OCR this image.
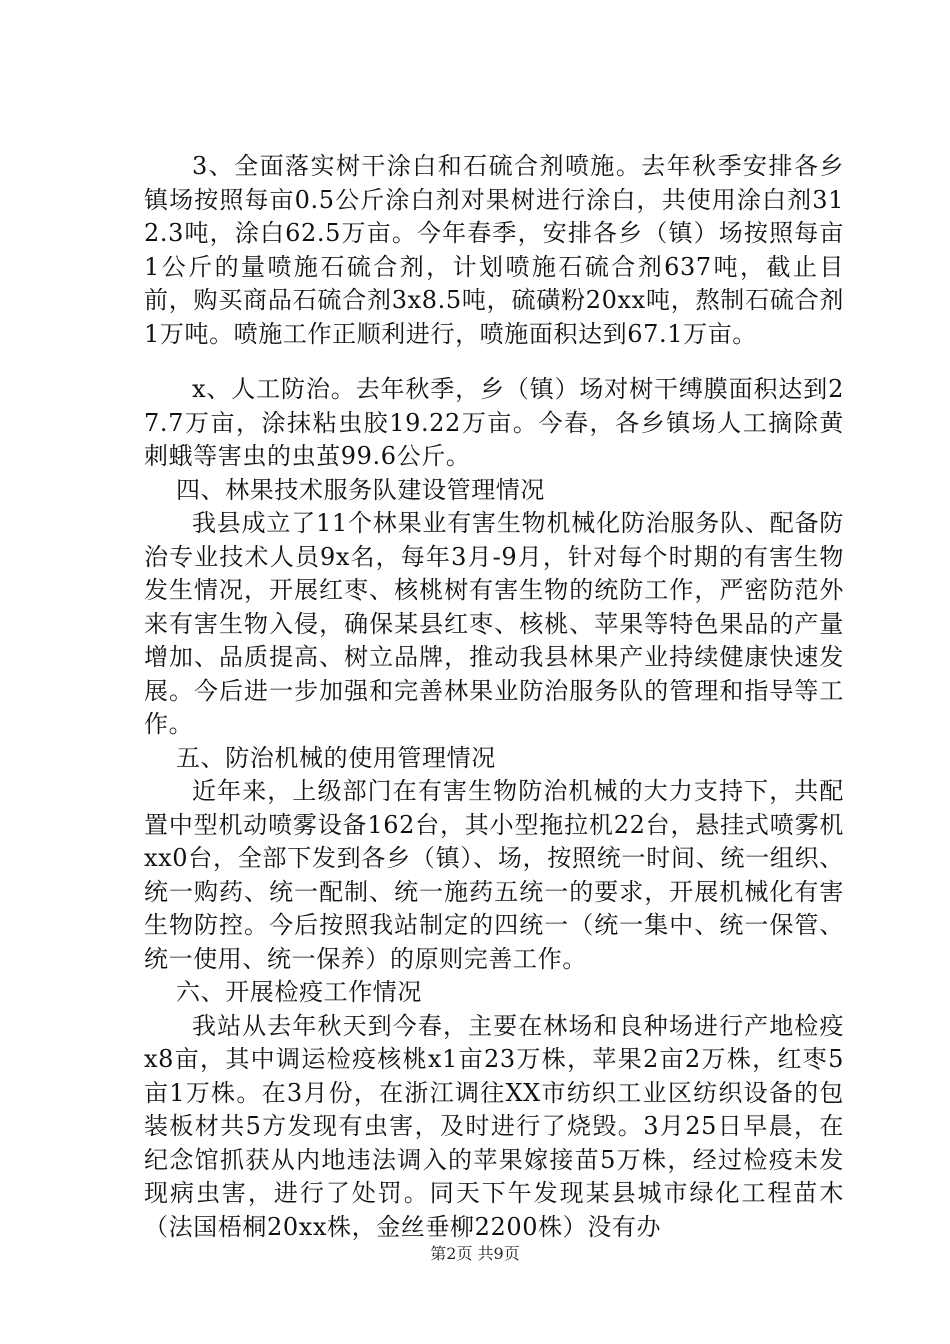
3、全面落实树干涂白和石硫合剂喷施。去年秋季安排各乡镇场按照每亩0.5公斤涂白剂对果树进行涂白，共使用涂白剂312.3吨，涂白62.5万亩。今年春季，安排各乡（镇）场按照每亩1公斤的量喷施石硫合剂，计划喷施石硫合剂637吨，截止目前，购买商品石硫合剂3x8.5吨，硫磺粉20xx吨，熬制石硫合剂1万吨。喷施工作正顺利进行，喷施面积达到67.1万亩。

x、人工防治。去年秋季，乡（镇）场对树干缚膜面积达到27.7万亩，涂抹粘虫胶19.22万亩。今春，各乡镇场人工摘除黄刺蛾等害虫的虫茧99.6公斤。

四、林果技术服务队建设管理情况

我县成立了11个林果业有害生物机械化防治服务队、配备防治专业技术人员9x名，每年3月-9月，针对每个时期的有害生物发生情况，开展红枣、核桃树有害生物的统防工作，严密防范外来有害生物入侵，确保某县红枣、核桃、苹果等特色果品的产量增加、品质提高、树立品牌，推动我县林果产业持续健康快速发展。今后进一步加强和完善林果业防治服务队的管理和指导等工作。

五、防治机械的使用管理情况

近年来，上级部门在有害生物防治机械的大力支持下，共配置中型机动喷雾设备162台，其小型拖拉机22台，悬挂式喷雾机xx0台，全部下发到各乡（镇）、场，按照统一时间、统一组织、统一购药、统一配制、统一施药五统一的要求，开展机械化有害生物防控。今后按照我站制定的四统一（统一集中、统一保管、统一使用、统一保养）的原则完善工作。

六、开展检疫工作情况

我站从去年秋天到今春，主要在林场和良种场进行产地检疫x8亩，其中调运检疫核桃x1亩23万株，苹果2亩2万株，红枣5亩1万株。在3月份，在浙江调往XX市纺织工业区纺织设备的包装板材共5方发现有虫害，及时进行了烧毁。3月25日早晨，在纪念馆抓获从内地违法调入的苹果嫁接苗5万株，经过检疫未发现病虫害，进行了处罚。同天下午发现某县城市绿化工程苗木（法国梧桐20xx株，金丝垂柳2200株）没有办

第2页 共9页
